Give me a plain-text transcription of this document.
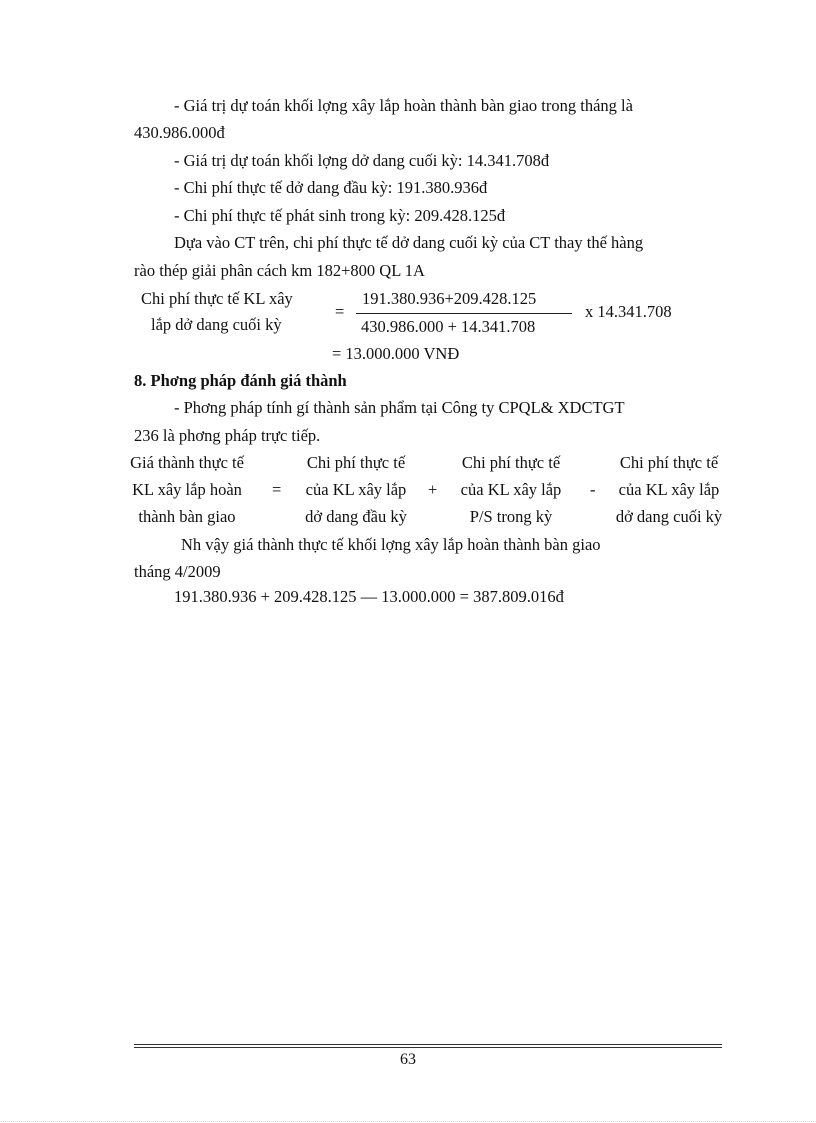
- Giá trị dự toán khối lợng xây lắp hoàn thành bàn giao trong tháng là
430.986.000đ
- Giá trị dự toán khối lợng dở dang cuối kỳ: 14.341.708đ
- Chi phí thực tế dở dang đầu kỳ: 191.380.936đ
- Chi phí thực tế phát sinh trong kỳ: 209.428.125đ
Dựa vào CT trên, chi phí thực tế dở dang cuối kỳ của CT thay thế hàng
rào thép giải phân cách km 182+800 QL 1A
Chi phí thực tế KL xây
lắp dở dang cuối kỳ
=
191.380.936+209.428.125
430.986.000 + 14.341.708
x 14.341.708
= 13.000.000 VNĐ
8. Phơng pháp đánh giá thành
- Phơng pháp tính gí thành sản phẩm tại Công ty CPQL& XDCTGT
236 là phơng pháp trực tiếp.
Giá thành thực tế
KL xây lắp hoàn
thành bàn giao
=
Chi phí thực tế
của KL xây lắp
dở dang đầu kỳ
+
Chi phí thực tế
của KL xây lắp
P/S trong kỳ
-
Chi phí thực tế
của KL xây lắp
dở dang cuối kỳ
Nh vậy giá thành thực tế khối lợng xây lắp hoàn thành bàn giao
tháng 4/2009
191.380.936 + 209.428.125 — 13.000.000 = 387.809.016đ
63
